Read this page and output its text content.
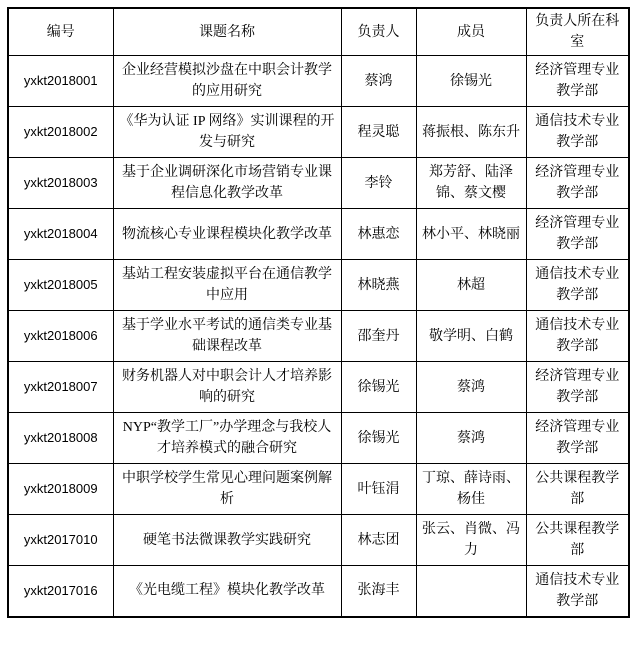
编号	课题名称	负责人	成员	负责人所在科室
yxkt2018001	企业经营模拟沙盘在中职会计教学的应用研究	蔡鸿	徐锡光	经济管理专业教学部
yxkt2018002	《华为认证 IP 网络》实训课程的开发与研究	程灵聪	蒋振根、陈东升	通信技术专业教学部
yxkt2018003	基于企业调研深化市场营销专业课程信息化教学改革	李铃	郑芳舒、陆泽锦、蔡文樱	经济管理专业教学部
yxkt2018004	物流核心专业课程模块化教学改革	林惠恋	林小平、林晓丽	经济管理专业教学部
yxkt2018005	基站工程安装虚拟平台在通信教学中应用	林晓燕	林超	通信技术专业教学部
yxkt2018006	基于学业水平考试的通信类专业基础课程改革	邵奎丹	敬学明、白鹤	通信技术专业教学部
yxkt2018007	财务机器人对中职会计人才培养影响的研究	徐锡光	蔡鸿	经济管理专业教学部
yxkt2018008	NYP“教学工厂”办学理念与我校人才培养模式的融合研究	徐锡光	蔡鸿	经济管理专业教学部
yxkt2018009	中职学校学生常见心理问题案例解析	叶钰涓	丁琼、薛诗雨、杨佳	公共课程教学部
yxkt2017010	硬笔书法微课教学实践研究	林志团	张云、肖微、冯力	公共课程教学部
yxkt2017016	《光电缆工程》模块化教学改革	张海丰		通信技术专业教学部
